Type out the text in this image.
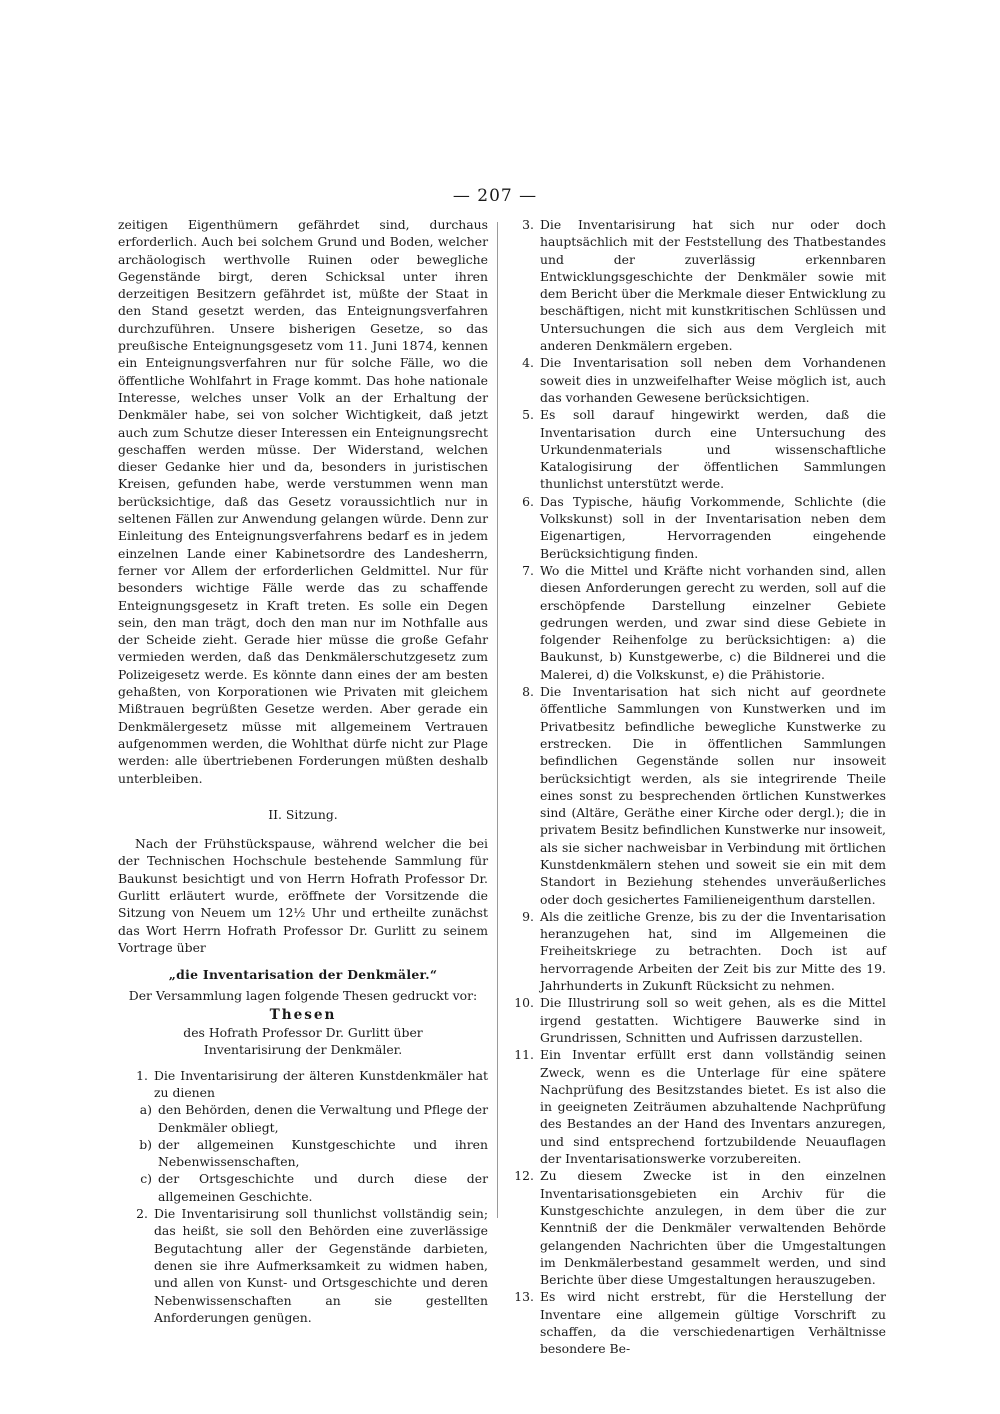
— 207 —

zeitigen Eigenthümern gefährdet sind, durchaus erforderlich. Auch bei solchem Grund und Boden, welcher archäologisch werthvolle Ruinen oder bewegliche Gegenstände birgt, deren Schicksal unter ihren derzeitigen Besitzern gefährdet ist, müßte der Staat in den Stand gesetzt werden, das Enteignungsverfahren durchzuführen. Unsere bisherigen Gesetze, so das preußische Enteignungsgesetz vom 11. Juni 1874, kennen ein Enteignungsverfahren nur für solche Fälle, wo die öffentliche Wohlfahrt in Frage kommt. Das hohe nationale Interesse, welches unser Volk an der Erhaltung der Denkmäler habe, sei von solcher Wichtigkeit, daß jetzt auch zum Schutze dieser Interessen ein Enteignungsrecht geschaffen werden müsse. Der Widerstand, welchen dieser Gedanke hier und da, besonders in juristischen Kreisen, gefunden habe, werde verstummen wenn man berücksichtige, daß das Gesetz voraussichtlich nur in seltenen Fällen zur Anwendung gelangen würde. Denn zur Einleitung des Enteignungsverfahrens bedarf es in jedem einzelnen Lande einer Kabinetsordre des Landesherrn, ferner vor Allem der erforderlichen Geldmittel. Nur für besonders wichtige Fälle werde das zu schaffende Enteignungsgesetz in Kraft treten. Es solle ein Degen sein, den man trägt, doch den man nur im Nothfalle aus der Scheide zieht. Gerade hier müsse die große Gefahr vermieden werden, daß das Denkmälerschutzgesetz zum Polizeigesetz werde. Es könnte dann eines der am besten gehaßten, von Korporationen wie Privaten mit gleichem Mißtrauen begrüßten Gesetze werden. Aber gerade ein Denkmälergesetz müsse mit allgemeinem Vertrauen aufgenommen werden, die Wohlthat dürfe nicht zur Plage werden: alle übertriebenen Forderungen müßten deshalb unterbleiben.

II. Sitzung.

Nach der Frühstückspause, während welcher die bei der Technischen Hochschule bestehende Sammlung für Baukunst besichtigt und von Herrn Hofrath Professor Dr. Gurlitt erläutert wurde, eröffnete der Vorsitzende die Sitzung von Neuem um 12½ Uhr und ertheilte zunächst das Wort Herrn Hofrath Professor Dr. Gurlitt zu seinem Vortrage über

„die Inventarisation der Denkmäler.“

Der Versammlung lagen folgende Thesen gedruckt vor:

Thesen

des Hofrath Professor Dr. Gurlitt über
Inventarisirung der Denkmäler.

1. Die Inventarisirung der älteren Kunstdenkmäler hat zu dienen
a) den Behörden, denen die Verwaltung und Pflege der Denkmäler obliegt,
b) der allgemeinen Kunstgeschichte und ihren Nebenwissenschaften,
c) der Ortsgeschichte und durch diese der allgemeinen Geschichte.
2. Die Inventarisirung soll thunlichst vollständig sein; das heißt, sie soll den Behörden eine zuverlässige Begutachtung aller der Gegenstände darbieten, denen sie ihre Aufmerksamkeit zu widmen haben, und allen von Kunst- und Ortsgeschichte und deren Nebenwissenschaften an sie gestellten Anforderungen genügen.
3. Die Inventarisirung hat sich nur oder doch hauptsächlich mit der Feststellung des Thatbestandes und der zuverlässig erkennbaren Entwicklungsgeschichte der Denkmäler sowie mit dem Bericht über die Merkmale dieser Entwicklung zu beschäftigen, nicht mit kunstkritischen Schlüssen und Untersuchungen die sich aus dem Vergleich mit anderen Denkmälern ergeben.
4. Die Inventarisation soll neben dem Vorhandenen soweit dies in unzweifelhafter Weise möglich ist, auch das vorhanden Gewesene berücksichtigen.
5. Es soll darauf hingewirkt werden, daß die Inventarisation durch eine Untersuchung des Urkundenmaterials und wissenschaftliche Katalogisirung der öffentlichen Sammlungen thunlichst unterstützt werde.
6. Das Typische, häufig Vorkommende, Schlichte (die Volkskunst) soll in der Inventarisation neben dem Eigenartigen, Hervorragenden eingehende Berücksichtigung finden.
7. Wo die Mittel und Kräfte nicht vorhanden sind, allen diesen Anforderungen gerecht zu werden, soll auf die erschöpfende Darstellung einzelner Gebiete gedrungen werden, und zwar sind diese Gebiete in folgender Reihenfolge zu berücksichtigen: a) die Baukunst, b) Kunstgewerbe, c) die Bildnerei und die Malerei, d) die Volkskunst, e) die Prähistorie.
8. Die Inventarisation hat sich nicht auf geordnete öffentliche Sammlungen von Kunstwerken und im Privatbesitz befindliche bewegliche Kunstwerke zu erstrecken. Die in öffentlichen Sammlungen befindlichen Gegenstände sollen nur insoweit berücksichtigt werden, als sie integrirende Theile eines sonst zu besprechenden örtlichen Kunstwerkes sind (Altäre, Geräthe einer Kirche oder dergl.); die in privatem Besitz befindlichen Kunstwerke nur insoweit, als sie sicher nachweisbar in Verbindung mit örtlichen Kunstdenkmälern stehen und soweit sie ein mit dem Standort in Beziehung stehendes unveräußerliches oder doch gesichertes Familieneigenthum darstellen.
9. Als die zeitliche Grenze, bis zu der die Inventarisation heranzugehen hat, sind im Allgemeinen die Freiheitskriege zu betrachten. Doch ist auf hervorragende Arbeiten der Zeit bis zur Mitte des 19. Jahrhunderts in Zukunft Rücksicht zu nehmen.
10. Die Illustrirung soll so weit gehen, als es die Mittel irgend gestatten. Wichtigere Bauwerke sind in Grundrissen, Schnitten und Aufrissen darzustellen.
11. Ein Inventar erfüllt erst dann vollständig seinen Zweck, wenn es die Unterlage für eine spätere Nachprüfung des Besitzstandes bietet. Es ist also die in geeigneten Zeiträumen abzuhaltende Nachprüfung des Bestandes an der Hand des Inventars anzuregen, und sind entsprechend fortzubildende Neuauflagen der Inventarisationswerke vorzubereiten.
12. Zu diesem Zwecke ist in den einzelnen Inventarisationsgebieten ein Archiv für die Kunstgeschichte anzulegen, in dem über die zur Kenntniß der die Denkmäler verwaltenden Behörde gelangenden Nachrichten über die Umgestaltungen im Denkmälerbestand gesammelt werden, und sind Berichte über diese Umgestaltungen herauszugeben.
13. Es wird nicht erstrebt, für die Herstellung der Inventare eine allgemein gültige Vorschrift zu schaffen, da die verschiedenartigen Verhältnisse besondere Be-
